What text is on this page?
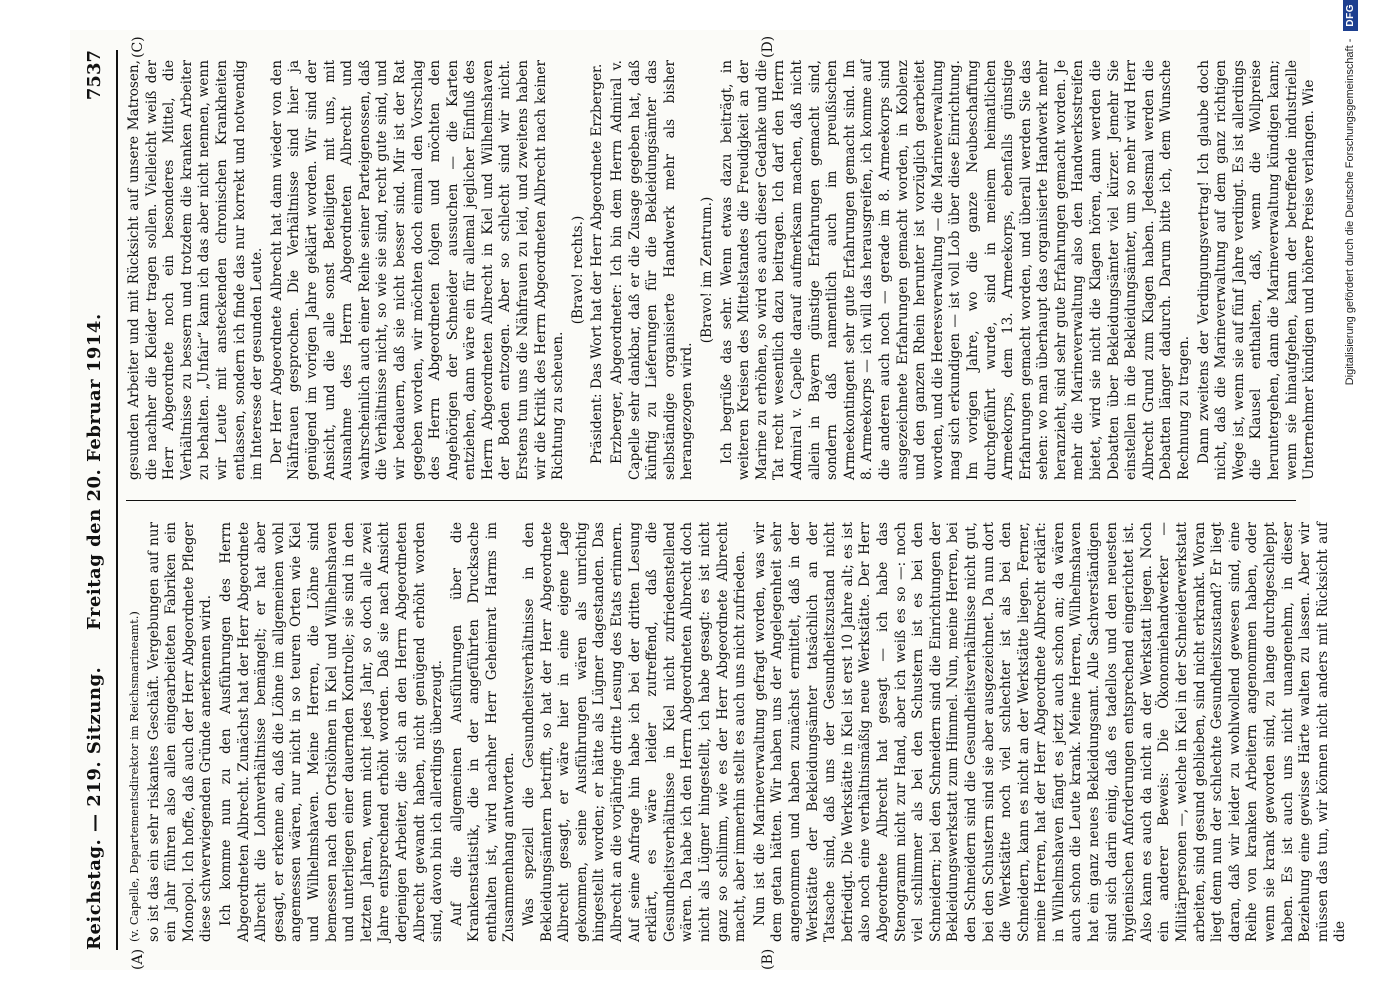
Reichstag. — 219. Sitzung.
Freitag den 20. Februar 1914.
7537
(A)	(B)
(C)	(D)

(v. Capelle, Departementsdirektor im Reichsmarineamt.) so ist das ein sehr riskantes Geschäft. Vergebungen auf nur ein Jahr führen also allen eingearbeiteten Fabriken ein Monopol. Ich hoffe, daß auch der Herr Abgeordnete Pfleger diese schwerwiegenden Gründe anerkennen wird. Ich komme nun zu den Ausführungen des Herrn Abgeordneten Albrecht. Zunächst hat der Herr Abgeordnete Albrecht die Lohnverhältnisse bemängelt; er hat aber gesagt, er erkenne an, daß die Löhne im allgemeinen wohl angemessen wären, nur nicht in so teuren Orten wie Kiel und Wilhelmshaven. Meine Herren, die Löhne sind bemessen nach den Ortslöhnen in Kiel und Wilhelmshaven und unterliegen einer dauernden Kontrolle; sie sind in den letzten Jahren, wenn nicht jedes Jahr, so doch alle zwei Jahre entsprechend erhöht worden. Daß sie nach Ansicht derjenigen Arbeiter, die sich an den Herrn Abgeordneten Albrecht gewandt haben, nicht genügend erhöht worden sind, davon bin ich allerdings überzeugt. Auf die allgemeinen Ausführungen über die Krankenstatistik, die in der angeführten Drucksache enthalten ist, wird nachher Herr Geheimrat Harms im Zusammenhang antworten. Was speziell die Gesundheitsverhältnisse in den Bekleidungsämtern betrifft, so hat der Herr Abgeordnete Albrecht gesagt, er wäre hier in eine eigene Lage gekommen, seine Ausführungen wären als unrichtig hingestellt worden; er hätte als Lügner dagestanden. Das Albrecht an die vorjährige dritte Lesung des Etats erinnern. Auf seine Anfrage hin habe ich bei der dritten Lesung erklärt, es wäre leider zutreffend, daß die Gesundheitsverhältnisse in Kiel nicht zufriedenstellend wären. Da habe ich den Herrn Abgeordneten Albrecht doch nicht als Lügner hingestellt, ich habe gesagt: es ist nicht ganz so schlimm, wie es der Herr Abgeordnete Albrecht macht, aber immerhin stellt es auch uns nicht zufrieden. Nun ist die Marineverwaltung gefragt worden, was wir dem getan hätten. Wir haben uns der Angelegenheit sehr angenommen und haben zunächst ermittelt, daß in der Werkstätte der Bekleidungsämter tatsächlich an der Tatsache sind, daß uns der Gesundheitszustand nicht befriedigt. Die Werkstätte in Kiel ist erst 10 Jahre alt; es ist also noch eine verhältnismäßig neue Werkstätte. Der Herr Abgeordnete Albrecht hat gesagt — ich habe das Stenogramm nicht zur Hand, aber ich weiß es so —: noch viel schlimmer als bei den Schustern ist es bei den Schneidern; bei den Schneidern sind die Einrichtungen der Bekleidungswerkstatt zum Himmel. Nun, meine Herren, bei den Schneidern sind die Gesundheitsverhältnisse nicht gut, bei den Schustern sind sie aber ausgezeichnet. Da nun dort die Werkstätte noch viel schlechter ist als bei den Schneidern, kann es nicht an der Werkstätte liegen. Ferner, meine Herren, hat der Herr Abgeordnete Albrecht erklärt: in Wilhelmshaven fängt es jetzt auch schon an; da wären auch schon die Leute krank. Meine Herren, Wilhelmshaven hat ein ganz neues Bekleidungsamt. Alle Sachverständigen sind sich darin einig, daß es tadellos und den neuesten hygienischen Anforderungen entsprechend eingerichtet ist. Also kann es auch da nicht an der Werkstatt liegen. Noch ein anderer Beweis: Die Ökonomiehandwerker — Militärpersonen —, welche in Kiel in der Schneiderwerkstatt arbeiten, sind gesund geblieben, sind nicht erkrankt. Woran liegt denn nun der schlechte Gesundheitszustand? Er liegt daran, daß wir leider zu wohlwollend gewesen sind, eine Reihe von kranken Arbeitern angenommen haben, oder wenn sie krank geworden sind, zu lange durchgeschleppt haben. Es ist auch uns nicht unangenehm, in dieser Beziehung eine gewisse Härte walten zu lassen. Aber wir müssen das tun, wir können nicht anders mit Rücksicht auf die

gesunden Arbeiter und mit Rücksicht auf unsere Matrosen, die nachher die Kleider tragen sollen. Vielleicht weiß der Herr Abgeordnete noch ein besonderes Mittel, die Verhältnisse zu bessern und trotzdem die kranken Arbeiter zu behalten. „Unfair“ kann ich das aber nicht nennen, wenn wir Leute mit ansteckenden chronischen Krankheiten entlassen, sondern ich finde das nur korrekt und notwendig im Interesse der gesunden Leute. Der Herr Abgeordnete Albrecht hat dann wieder von den Nähfrauen gesprochen. Die Verhältnisse sind hier ja genügend im vorigen Jahre geklärt worden. Wir sind der Ansicht, und die alle sonst Beteiligten mit uns, mit Ausnahme des Herrn Abgeordneten Albrecht und wahrscheinlich auch einer Reihe seiner Parteigenossen, daß die Verhältnisse nicht, so wie sie sind, recht gute sind, und wir bedauern, daß sie nicht besser sind. Mir ist der Rat gegeben worden, wir möchten doch einmal den Vorschlag des Herrn Abgeordneten folgen und möchten den Angehörigen der Schneider aussuchen — die Karten entziehen, dann wäre ein für allemal jeglicher Einfluß des Herrn Abgeordneten Albrecht in Kiel und Wilhelmshaven der Boden entzogen. Aber so schlecht sind wir nicht. Erstens tun uns die Nähfrauen zu leid, und zweitens haben wir die Kritik des Herrn Abgeordneten Albrecht nach keiner Richtung zu scheuen.

(Bravo! rechts.) Präsident: Das Wort hat der Herr Abgeordnete Erzberger. Erzberger, Abgeordneter: Ich bin dem Herrn Admiral v. Capelle sehr dankbar, daß er die Zusage gegeben hat, daß künftig zu Lieferungen für die Bekleidungsämter das selbständige organisierte Handwerk mehr als bisher herangezogen wird.

(Bravo! im Zentrum.) Ich begrüße das sehr. Wenn etwas dazu beiträgt, in weiteren Kreisen des Mittelstandes die Freudigkeit an der Marine zu erhöhen, so wird es auch dieser Gedanke und die Tat recht wesentlich dazu beitragen. Ich darf den Herrn Admiral v. Capelle darauf aufmerksam machen, daß nicht allein in Bayern günstige Erfahrungen gemacht sind, sondern daß namentlich auch im preußischen Armeekontingent sehr gute Erfahrungen gemacht sind. Im 8. Armeekorps — ich will das herausgreifen, ich komme auf die anderen auch noch — gerade im 8. Armeekorps sind ausgezeichnete Erfahrungen gemacht worden, in Koblenz und den ganzen Rhein herunter ist vorzüglich gearbeitet worden, und die Heeresverwaltung — die Marineverwaltung mag sich erkundigen — ist voll Lob über diese Einrichtung. Im vorigen Jahre, wo die ganze Neubeschaffung durchgeführt wurde, sind in meinem heimatlichen Armeekorps, dem 13. Armeekorps, ebenfalls günstige Erfahrungen gemacht worden, und überall werden Sie das sehen: wo man überhaupt das organisierte Handwerk mehr heranzieht, sind sehr gute Erfahrungen gemacht worden. Je mehr die Marineverwaltung also den Handwerksstreifen bietet, wird sie nicht die Klagen hören, dann werden die Debatten über Bekleidungsämter viel kürzer. Jemehr Sie einstellen in die Bekleidungsämter, um so mehr wird Herr Albrecht Grund zum Klagen haben. Jedesmal werden die Debatten länger dadurch. Darum bitte ich, dem Wunsche Rechnung zu tragen. Dann zweitens der Verdingungsvertrag! Ich glaube doch nicht, daß die Marineverwaltung auf dem ganz richtigen Wege ist, wenn sie auf fünf Jahre verdingt. Es ist allerdings die Klausel enthalten, daß, wenn die Wollpreise heruntergehen, dann die Marineverwaltung kündigen kann; wenn sie hinaufgehen, kann der betreffende industrielle Unternehmer kündigen und höhere Preise verlangen. Wie Digitalisierung gefördert durch die Deutsche Forschungsgemeinschaft -
DFG
